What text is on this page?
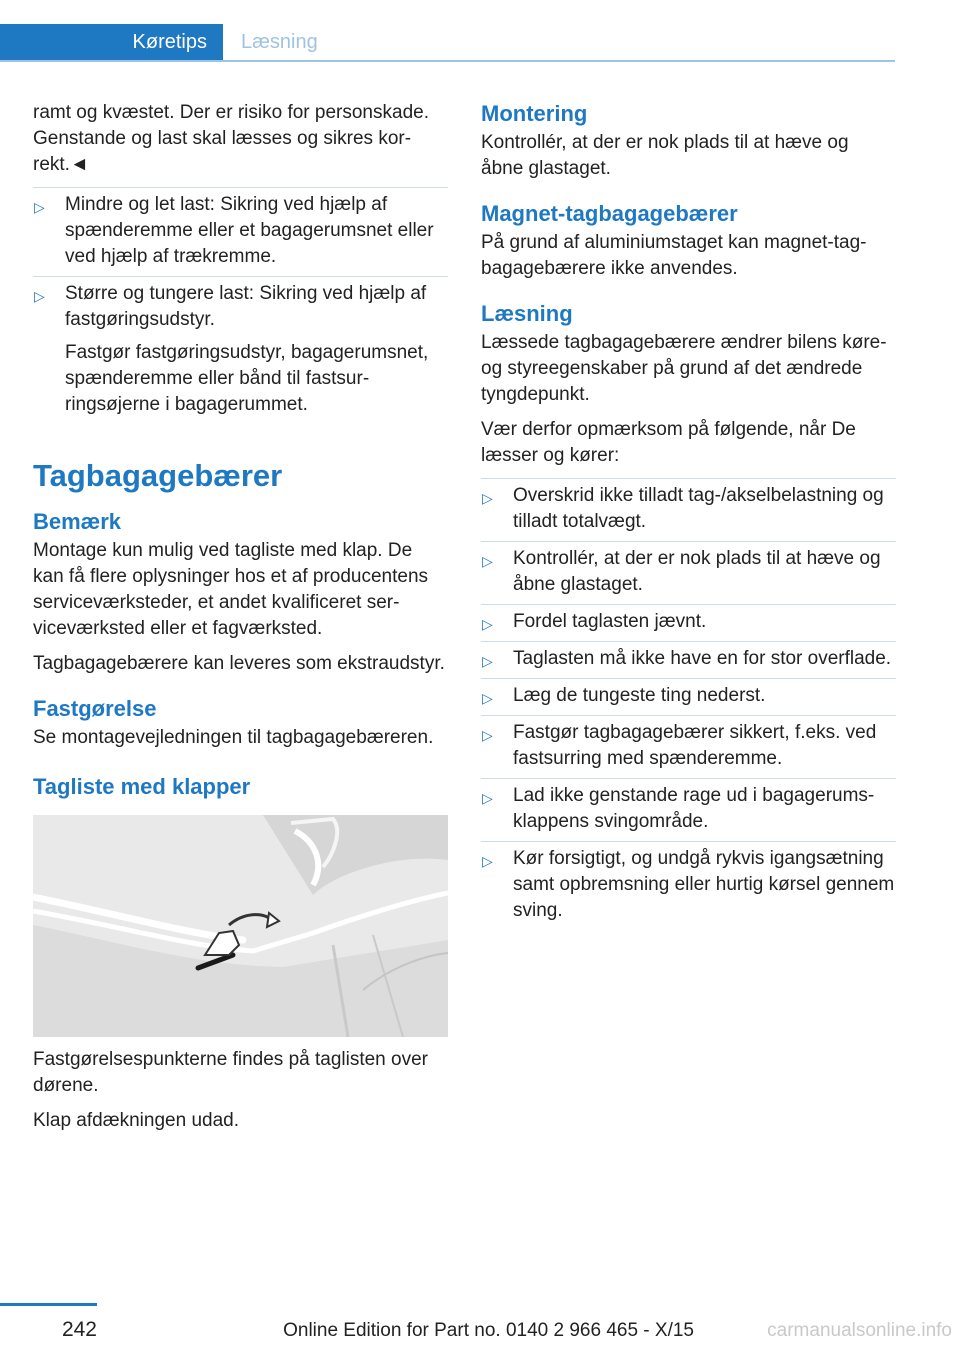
Køretips	Læsning

ramt og kvæstet. Der er risiko for personskade. Genstande og last skal læsses og sikres korrekt.◄

▷ Mindre og let last: Sikring ved hjælp af spænderemme eller et bagagerumsnet eller ved hjælp af trækremme.

▷ Større og tungere last: Sikring ved hjælp af fastgøringsudstyr.

Fastgør fastgøringsudstyr, bagagerumsnet, spænderemme eller bånd til fastsurringsøjerne i bagagerummet.

Tagbagagebærer
Bemærk

Montage kun mulig ved tagliste med klap. De kan få flere oplysninger hos et af producentens serviceværksteder, et andet kvalificeret serviceværksted eller et fagværksted.

Tagbagagebærere kan leveres som ekstraudstyr.

Fastgørelse

Se montagevejledningen til tagbagagebæreren.

Tagliste med klapper

Fastgørelsespunkterne findes på taglisten over dørene.

Klap afdækningen udad.

Montering

Kontrollér, at der er nok plads til at hæve og åbne glastaget.

Magnet-tagbagagebærer

På grund af aluminiumstaget kan magnet-tagbagagebærere ikke anvendes.

Læsning

Læssede tagbagagebærere ændrer bilens køre- og styreegenskaber på grund af det ændrede tyngdepunkt.

Vær derfor opmærksom på følgende, når De læsser og kører:

▷ Overskrid ikke tilladt tag-/akselbelastning og tilladt totalvægt.

▷ Kontrollér, at der er nok plads til at hæve og åbne glastaget.

▷ Fordel taglasten jævnt.

▷ Taglasten må ikke have en for stor overflade.

▷ Læg de tungeste ting nederst.

▷ Fastgør tagbagagebærer sikkert, f.eks. ved fastsurring med spænderemme.

▷ Lad ikke genstande rage ud i bagagerumsklappens svingområde.

▷ Kør forsigtigt, og undgå rykvis igangsætning samt opbremsning eller hurtig kørsel gennem sving.

242	Online Edition for Part no. 0140 2 966 465 - X/15	carmanualsonline.info
